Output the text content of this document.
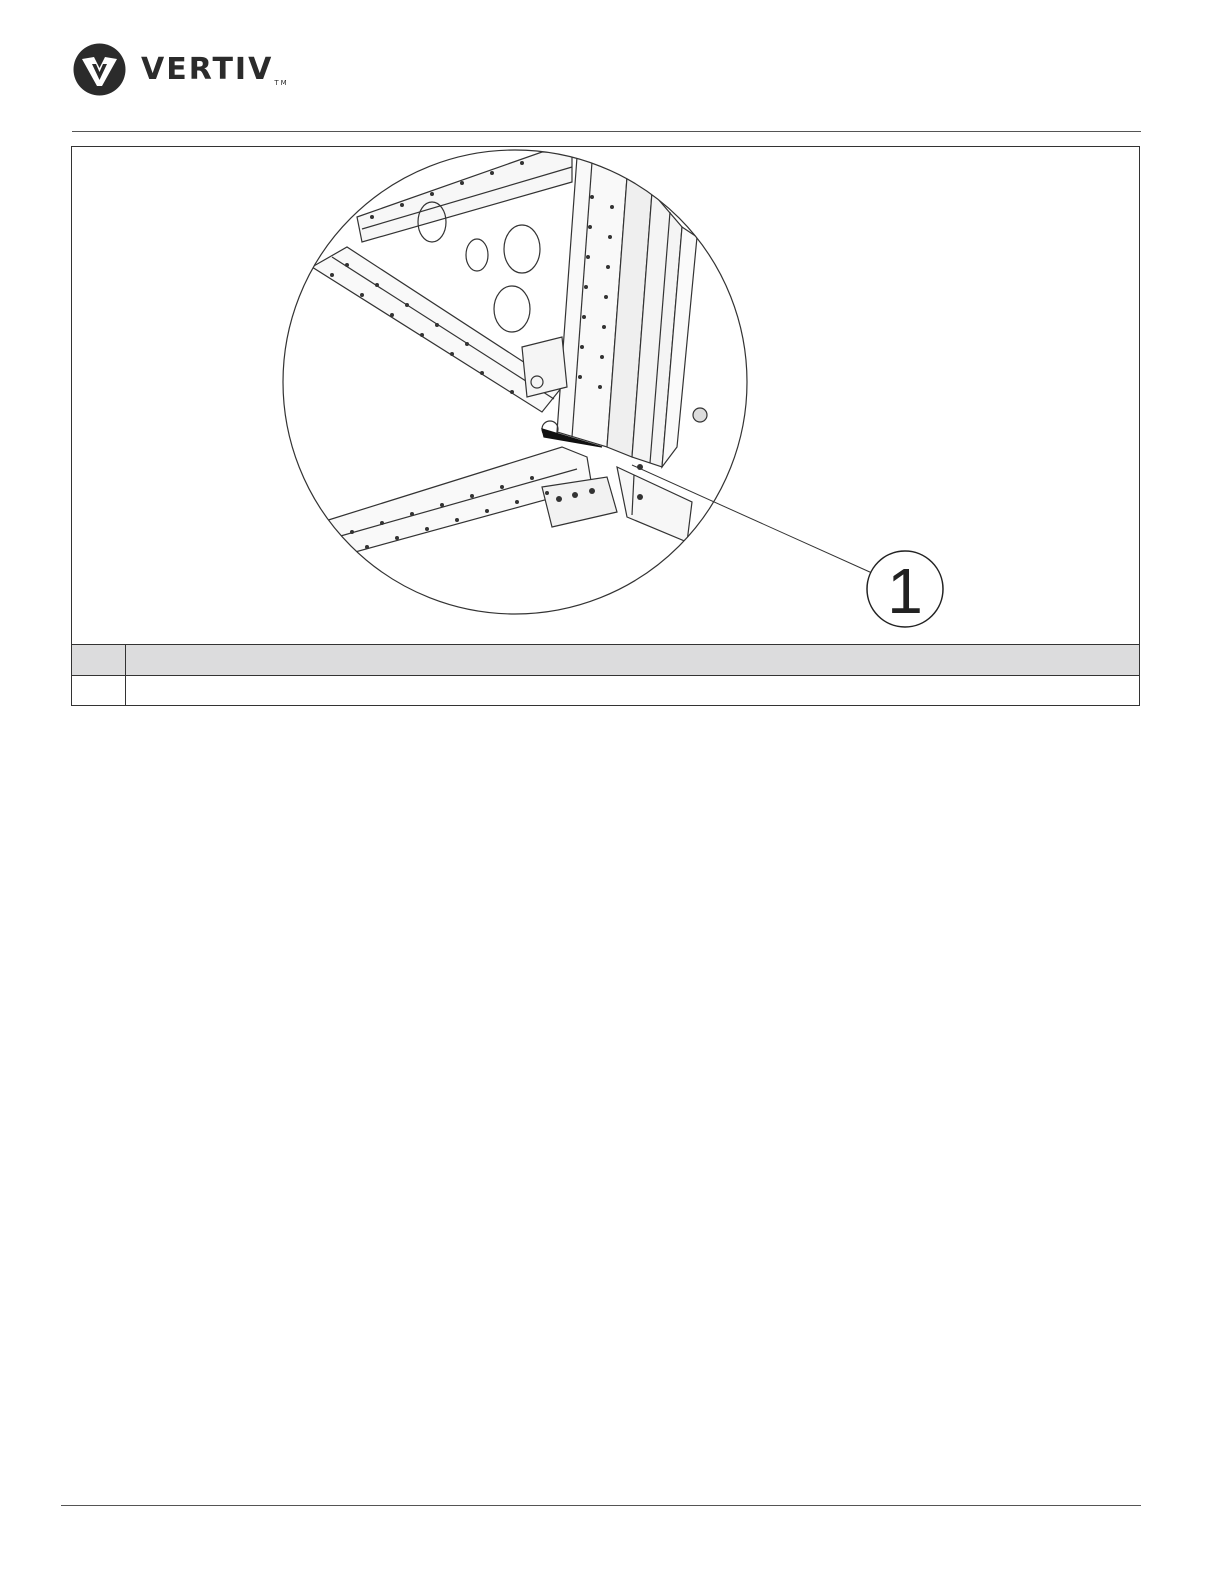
VERTIVTM
1
